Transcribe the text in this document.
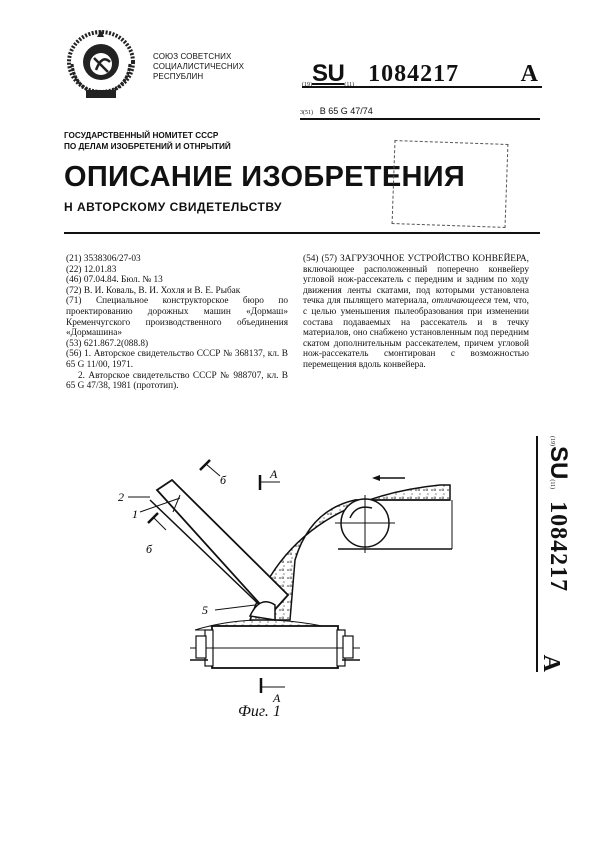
СОЮЗ СОВЕТСНИХ
СОЦИАЛИСТИЧЕСНИХ
РЕСПУБЛИН
(19)SU(11) 1084217	A
3(51) B 65 G 47/74
ГОСУДАРСТВЕННЫЙ НОМИТЕТ СССР
ПО ДЕЛАМ ИЗОБРЕТЕНИЙ И ОТНРЫТИЙ
ОПИСАНИЕ ИЗОБРЕТЕНИЯ
Н АВТОРСКОМУ СВИДЕТЕЛЬСТВУ

(21) 3538306/27-03

(22) 12.01.83

(46) 07.04.84. Бюл. № 13

(72) В. И. Коваль, В. И. Хохля и В. Е. Рыбак

(71) Специальное конструкторское бюро по проектированию дорожных машин «Дормаш» Кременчугского производственного объединения «Дормашина»

(53) 621.867.2(088.8)

(56) 1. Авторское свидетельство СССР № 368137, кл. В 65 G 11/00, 1971.

2. Авторское свидетельство СССР № 988707, кл. В 65 G 47/38, 1981 (прототип).

(54) (57) ЗАГРУЗОЧНОЕ УСТРОЙСТВО КОНВЕЙЕРА, включающее расположенный поперечно конвейеру угловой нож-рассекатель с передним и задним по ходу движения ленты скатами, под которыми установлена течка для пылящего материала, отличающееся тем, что, с целью уменьшения пылеобразования при изменении состава подаваемых на рассекатель и в течку материалов, оно снабжено установленным под передним скатом дополнительным рассекателем, причем угловой нож-рассекатель смонтирован с возможностью перемещения вдоль конвейера.

(19)SU(11)1084217
A
2
1
5
б
б
A
A
Фиг. 1
